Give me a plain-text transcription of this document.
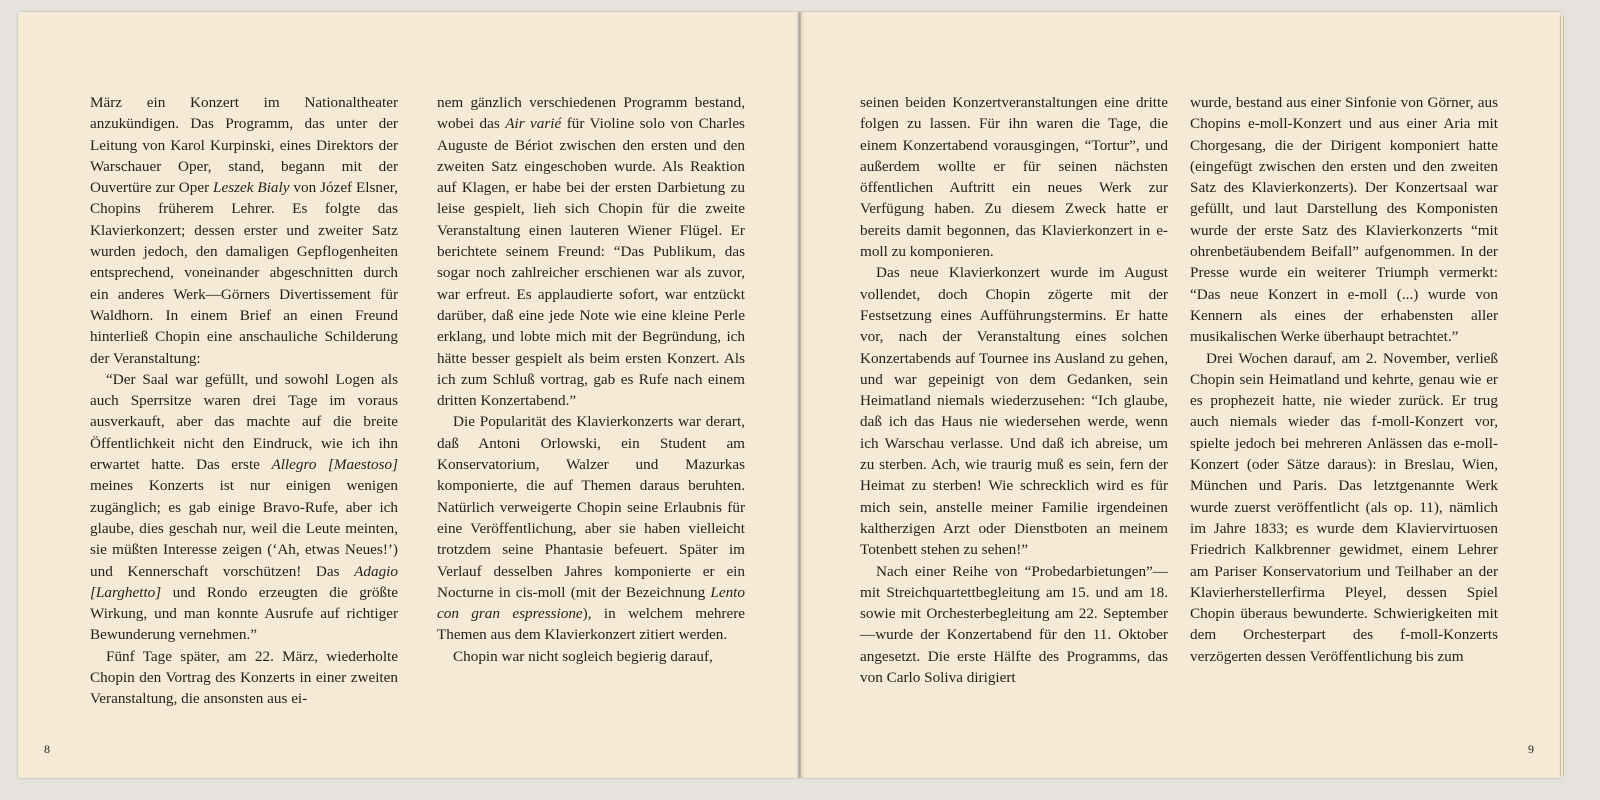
März ein Konzert im Nationaltheater anzukündigen. Das Programm, das unter der Leitung von Karol Kurpinski, eines Direktors der Warschauer Oper, stand, begann mit der Ouvertüre zur Oper Leszek Bialy von Józef Elsner, Chopins früherem Lehrer. Es folgte das Klavierkonzert; dessen erster und zweiter Satz wurden jedoch, den damaligen Gepflogenheiten entsprechend, voneinander abgeschnitten durch ein anderes Werk—Görners Divertissement für Waldhorn. In einem Brief an einen Freund hinterließ Chopin eine anschauliche Schilderung der Veranstaltung:

“Der Saal war gefüllt, und sowohl Logen als auch Sperrsitze waren drei Tage im voraus ausverkauft, aber das machte auf die breite Öffentlichkeit nicht den Eindruck, wie ich ihn erwartet hatte. Das erste Allegro [Maestoso] meines Konzerts ist nur einigen wenigen zugänglich; es gab einige Bravo-Rufe, aber ich glaube, dies geschah nur, weil die Leute meinten, sie müßten Interesse zeigen (‘Ah, etwas Neues!’) und Kennerschaft vorschützen! Das Adagio [Larghetto] und Rondo erzeugten die größte Wirkung, und man konnte Ausrufe auf richtiger Bewunderung vernehmen.”

Fünf Tage später, am 22. März, wiederholte Chopin den Vortrag des Konzerts in einer zweiten Veranstaltung, die ansonsten aus ei-

nem gänzlich verschiedenen Programm bestand, wobei das Air varié für Violine solo von Charles Auguste de Bériot zwischen den ersten und den zweiten Satz eingeschoben wurde. Als Reaktion auf Klagen, er habe bei der ersten Darbietung zu leise gespielt, lieh sich Chopin für die zweite Veranstaltung einen lauteren Wiener Flügel. Er berichtete seinem Freund: “Das Publikum, das sogar noch zahlreicher erschienen war als zuvor, war erfreut. Es applaudierte sofort, war entzückt darüber, daß eine jede Note wie eine kleine Perle erklang, und lobte mich mit der Begründung, ich hätte besser gespielt als beim ersten Konzert. Als ich zum Schluß vortrag, gab es Rufe nach einem dritten Konzertabend.”

Die Popularität des Klavierkonzerts war derart, daß Antoni Orlowski, ein Student am Konservatorium, Walzer und Mazurkas komponierte, die auf Themen daraus beruhten. Natürlich verweigerte Chopin seine Erlaubnis für eine Veröffentlichung, aber sie haben vielleicht trotzdem seine Phantasie befeuert. Später im Verlauf desselben Jahres komponierte er ein Nocturne in cis-moll (mit der Bezeichnung Lento con gran espressione), in welchem mehrere Themen aus dem Klavierkonzert zitiert werden.

Chopin war nicht sogleich begierig darauf,

seinen beiden Konzertveranstaltungen eine dritte folgen zu lassen. Für ihn waren die Tage, die einem Konzertabend vorausgingen, “Tortur”, und außerdem wollte er für seinen nächsten öffentlichen Auftritt ein neues Werk zur Verfügung haben. Zu diesem Zweck hatte er bereits damit begonnen, das Klavierkonzert in e-moll zu komponieren.

Das neue Klavierkonzert wurde im August vollendet, doch Chopin zögerte mit der Festsetzung eines Aufführungstermins. Er hatte vor, nach der Veranstaltung eines solchen Konzertabends auf Tournee ins Ausland zu gehen, und war gepeinigt von dem Gedanken, sein Heimatland niemals wiederzusehen: “Ich glaube, daß ich das Haus nie wiedersehen werde, wenn ich Warschau verlasse. Und daß ich abreise, um zu sterben. Ach, wie traurig muß es sein, fern der Heimat zu sterben! Wie schrecklich wird es für mich sein, anstelle meiner Familie irgendeinen kaltherzigen Arzt oder Dienstboten an meinem Totenbett stehen zu sehen!”

Nach einer Reihe von “Probedarbietungen”—mit Streichquartettbegleitung am 15. und am 18. sowie mit Orchesterbegleitung am 22. September—wurde der Konzertabend für den 11. Oktober angesetzt. Die erste Hälfte des Programms, das von Carlo Soliva dirigiert

wurde, bestand aus einer Sinfonie von Görner, aus Chopins e-moll-Konzert und aus einer Aria mit Chorgesang, die der Dirigent komponiert hatte (eingefügt zwischen den ersten und den zweiten Satz des Klavierkonzerts). Der Konzertsaal war gefüllt, und laut Darstellung des Komponisten wurde der erste Satz des Klavierkonzerts “mit ohrenbetäubendem Beifall” aufgenommen. In der Presse wurde ein weiterer Triumph vermerkt: “Das neue Konzert in e-moll (...) wurde von Kennern als eines der erhabensten aller musikalischen Werke überhaupt betrachtet.”

Drei Wochen darauf, am 2. November, verließ Chopin sein Heimatland und kehrte, genau wie er es prophezeit hatte, nie wieder zurück. Er trug auch niemals wieder das f-moll-Konzert vor, spielte jedoch bei mehreren Anlässen das e-moll-Konzert (oder Sätze daraus): in Breslau, Wien, München und Paris. Das letztgenannte Werk wurde zuerst veröffentlicht (als op. 11), nämlich im Jahre 1833; es wurde dem Klaviervirtuosen Friedrich Kalkbrenner gewidmet, einem Lehrer am Pariser Konservatorium und Teilhaber an der Klavierherstellerfirma Pleyel, dessen Spiel Chopin überaus bewunderte. Schwierigkeiten mit dem Orchesterpart des f-moll-Konzerts verzögerten dessen Veröffentlichung bis zum

8	9
